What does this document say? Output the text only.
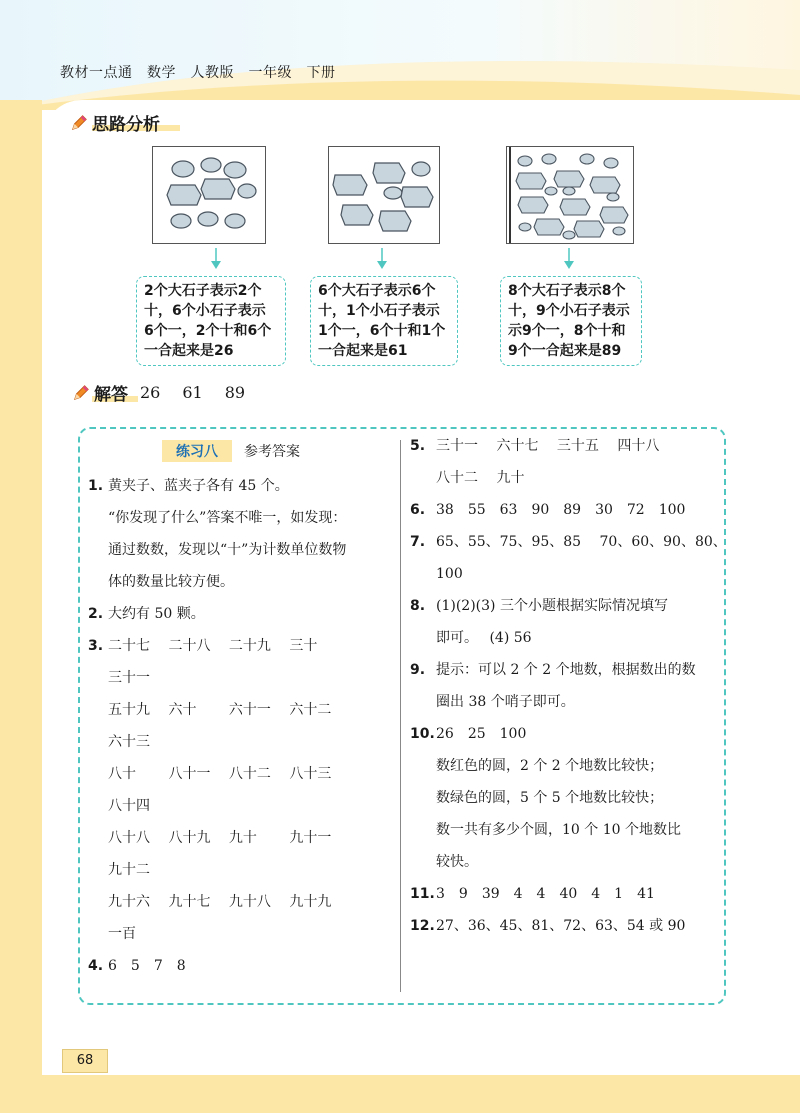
教材一点通　数学　人教版　一年级　下册
思路分析
2个大石子表示2个
十，6个小石子表示
6个一，2个十和6个
一合起来是26
6个大石子表示6个
十，1个小石子表示
1个一，6个十和1个
一合起来是61
8个大石子表示8个
十，9个小石子表示
示9个一，8个十和
9个一合起来是89
解答 26 61 89
练习八	参考答案
1. 黄夹子、蓝夹子各有 45 个。
“你发现了什么”答案不唯一，如发现：
通过数数，发现以“十”为计数单位数物
体的数量比较方便。
2. 大约有 50 颗。
3. 二十七　 二十八　 二十九　 三十
三十一
五十九　 六十　　 六十一　 六十二
六十三
八十　　 八十一　 八十二　 八十三
八十四
八十八　 八十九　 九十　　 九十一
九十二
九十六　 九十七　 九十八　 九十九
一百
4. 6　5　7　8
5. 三十一　 六十七　 三十五　 四十八
八十二　 九十
6. 38　55　63　90　89　30　72　100
7. 65、55、75、95、85　 70、60、90、80、
100
8. (1)(2)(3) 三个小题根据实际情况填写
即可。　 (4) 56
9. 提示：可以 2 个 2 个地数，根据数出的数
圈出 38 个哨子即可。
10.26　25　100
数红色的圆，2 个 2 个地数比较快；
数绿色的圆，5 个 5 个地数比较快；
数一共有多少个圆，10 个 10 个地数比
较快。
11.3　9　39　4　4　40　4　1　41
12.27、36、45、81、72、63、54 或 90
68
